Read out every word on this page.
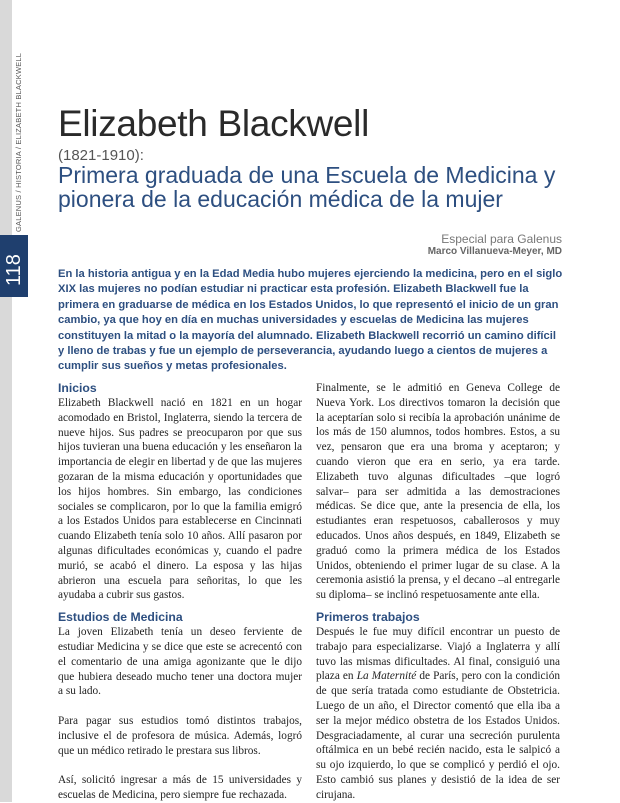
118
GALENUS / HISTORIA / ELIZABETH BLACKWELL Elizabeth Blackwell
(1821-1910):
Primera graduada de una Escuela de Medicina y pionera de la educación médica de la mujer
Especial para Galenus
Marco Villanueva-Meyer, MD
En la historia antigua y en la Edad Media hubo mujeres ejerciendo la medicina, pero en el siglo XIX las mujeres no podían estudiar ni practicar esta profesión. Elizabeth Blackwell fue la primera en graduarse de médica en los Estados Unidos, lo que representó el inicio de un gran cambio, ya que hoy en día en muchas universidades y escuelas de Medicina las mujeres constituyen la mitad o la mayoría del alumnado. Elizabeth Blackwell recorrió un camino difícil y lleno de trabas y fue un ejemplo de perseverancia, ayudando luego a cientos de mujeres a cumplir sus sueños y metas profesionales.
Inicios

Elizabeth Blackwell nació en 1821 en un hogar acomodado en Bristol, Inglaterra, siendo la tercera de nueve hijos. Sus padres se preocuparon por que sus hijos tuvieran una buena educación y les enseñaron la importancia de elegir en libertad y de que las mujeres gozaran de la misma educación y oportunidades que los hijos hombres. Sin embargo, las condiciones sociales se complicaron, por lo que la familia emigró a los Estados Unidos para establecerse en Cincinnati cuando Elizabeth tenía solo 10 años. Allí pasaron por algunas dificultades económicas y, cuando el padre murió, se acabó el dinero. La esposa y las hijas abrieron una escuela para señoritas, lo que les ayudaba a cubrir sus gastos.

Estudios de Medicina

La joven Elizabeth tenía un deseo ferviente de estudiar Medicina y se dice que este se acrecentó con el comentario de una amiga agonizante que le dijo que hubiera deseado mucho tener una doctora mujer a su lado.

Para pagar sus estudios tomó distintos trabajos, inclusive el de profesora de música. Además, logró que un médico retirado le prestara sus libros.

Así, solicitó ingresar a más de 15 universidades y escuelas de Medicina, pero siempre fue rechazada.

Finalmente, se le admitió en Geneva College de Nueva York. Los directivos tomaron la decisión que la aceptarían solo si recibía la aprobación unánime de los más de 150 alumnos, todos hombres. Estos, a su vez, pensaron que era una broma y aceptaron; y cuando vieron que era en serio, ya era tarde. Elizabeth tuvo algunas dificultades –que logró salvar– para ser admitida a las demostraciones médicas. Se dice que, ante la presencia de ella, los estudiantes eran respetuosos, caballerosos y muy educados. Unos años después, en 1849, Elizabeth se graduó como la primera médica de los Estados Unidos, obteniendo el primer lugar de su clase. A la ceremonia asistió la prensa, y el decano –al entregarle su diploma– se inclinó respetuosamente ante ella.

Primeros trabajos

Después le fue muy difícil encontrar un puesto de trabajo para especializarse. Viajó a Inglaterra y allí tuvo las mismas dificultades. Al final, consiguió una plaza en La Maternité de París, pero con la condición de que sería tratada como estudiante de Obstetricia. Luego de un año, el Director comentó que ella iba a ser la mejor médico obstetra de los Estados Unidos. Desgraciadamente, al curar una secreción purulenta oftálmica en un bebé recién nacido, esta le salpicó a su ojo izquierdo, lo que se complicó y perdió el ojo. Esto cambió sus planes y desistió de la idea de ser cirujana.
